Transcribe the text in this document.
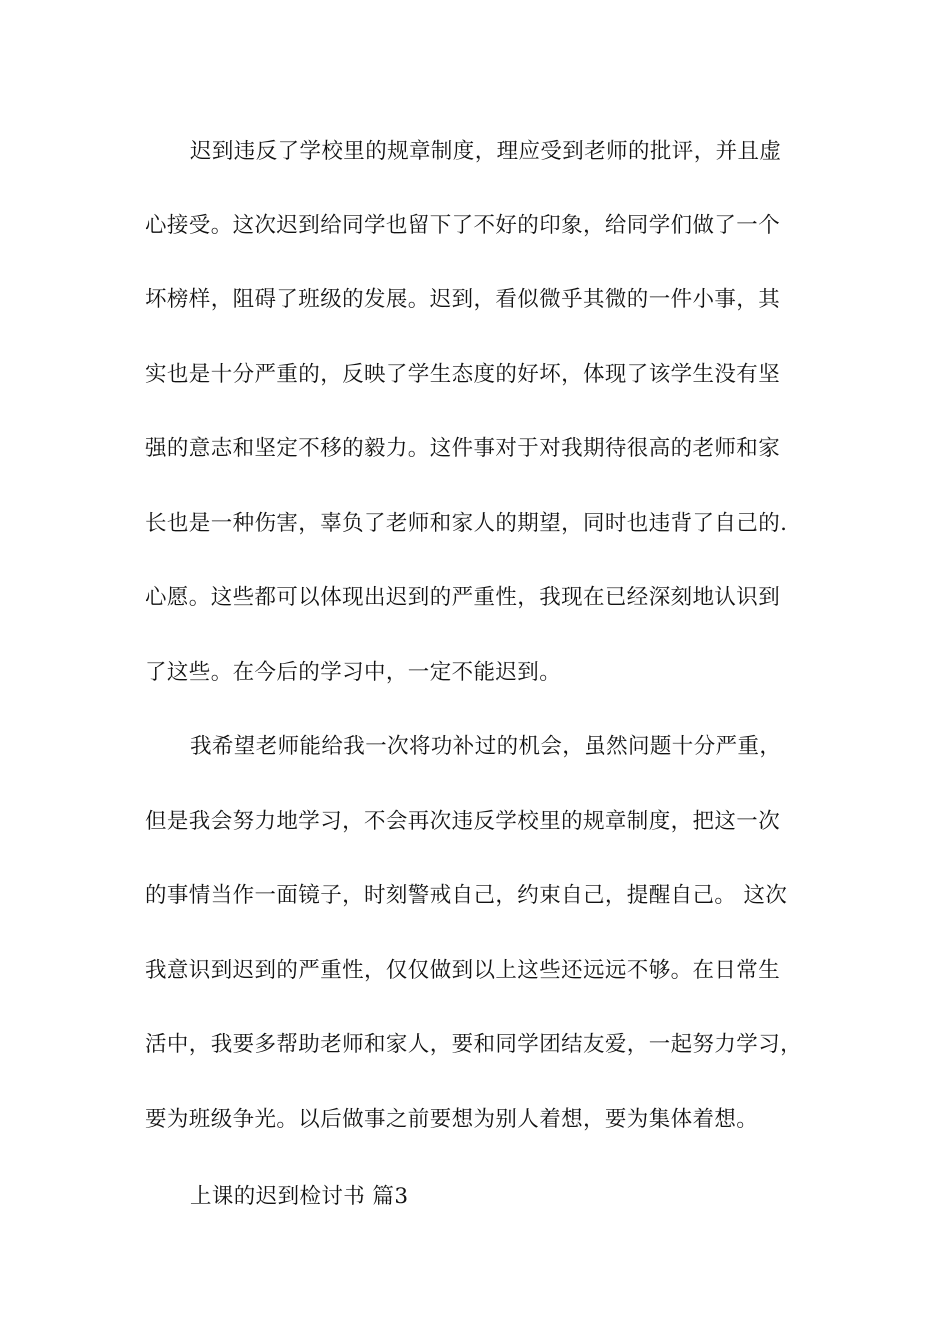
迟到违反了学校里的规章制度，理应受到老师的批评，并且虚
心接受。这次迟到给同学也留下了不好的印象，给同学们做了一个
坏榜样，阻碍了班级的发展。迟到，看似微乎其微的一件小事，其
实也是十分严重的，反映了学生态度的好坏，体现了该学生没有坚
强的意志和坚定不移的毅力。这件事对于对我期待很高的老师和家
长也是一种伤害，辜负了老师和家人的期望，同时也违背了自己的.
心愿。这些都可以体现出迟到的严重性，我现在已经深刻地认识到
了这些。在今后的学习中，一定不能迟到。
我希望老师能给我一次将功补过的机会，虽然问题十分严重，
但是我会努力地学习，不会再次违反学校里的规章制度，把这一次
的事情当作一面镜子，时刻警戒自己，约束自己，提醒自己。 这次
我意识到迟到的严重性，仅仅做到以上这些还远远不够。在日常生
活中，我要多帮助老师和家人，要和同学团结友爱，一起努力学习，
要为班级争光。以后做事之前要想为别人着想，要为集体着想。
上课的迟到检讨书 篇3
